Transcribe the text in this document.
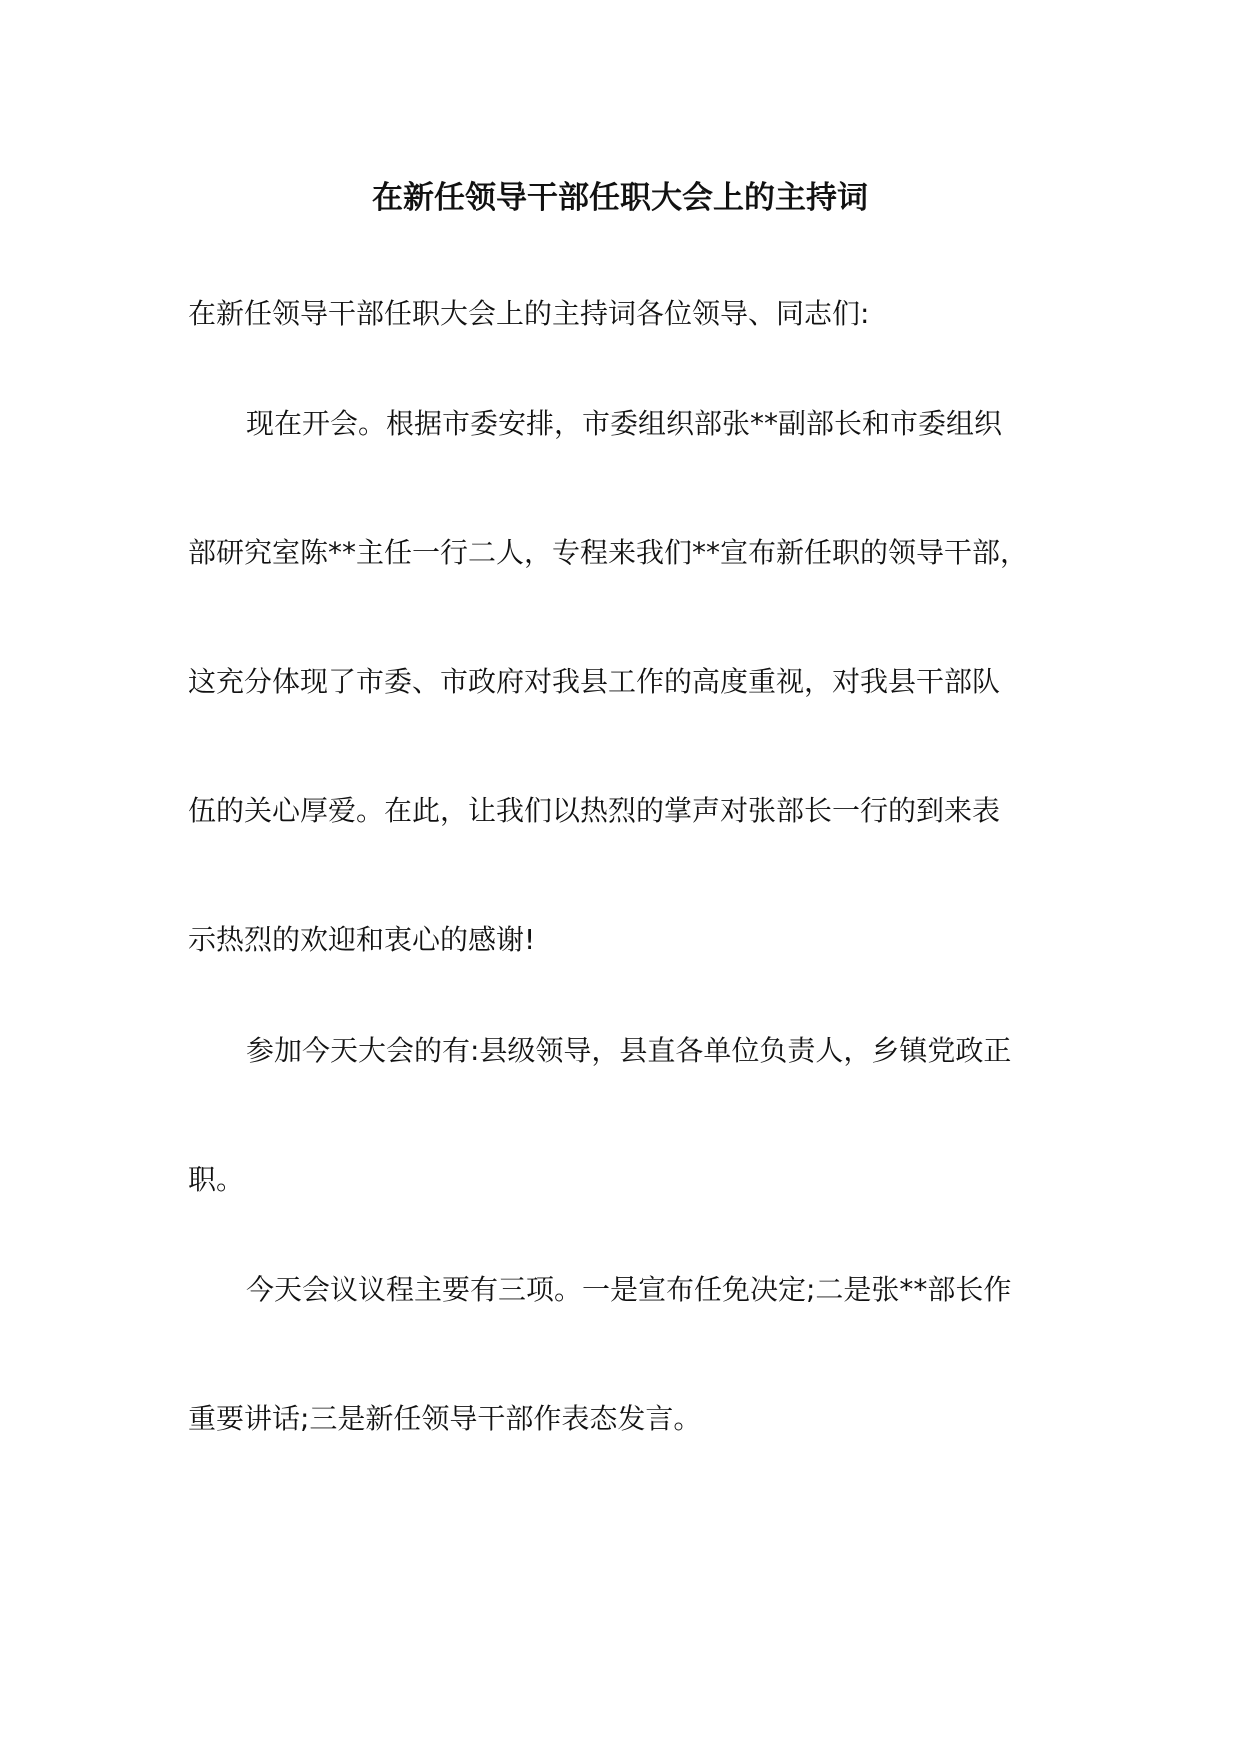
在新任领导干部任职大会上的主持词

在新任领导干部任职大会上的主持词各位领导、同志们:

现在开会。根据市委安排，市委组织部张**副部长和市委组织

部研究室陈**主任一行二人，专程来我们**宣布新任职的领导干部，

这充分体现了市委、市政府对我县工作的高度重视，对我县干部队

伍的关心厚爱。在此，让我们以热烈的掌声对张部长一行的到来表

示热烈的欢迎和衷心的感谢!

参加今天大会的有:县级领导，县直各单位负责人，乡镇党政正

职。

今天会议议程主要有三项。一是宣布任免决定;二是张**部长作

重要讲话;三是新任领导干部作表态发言。
